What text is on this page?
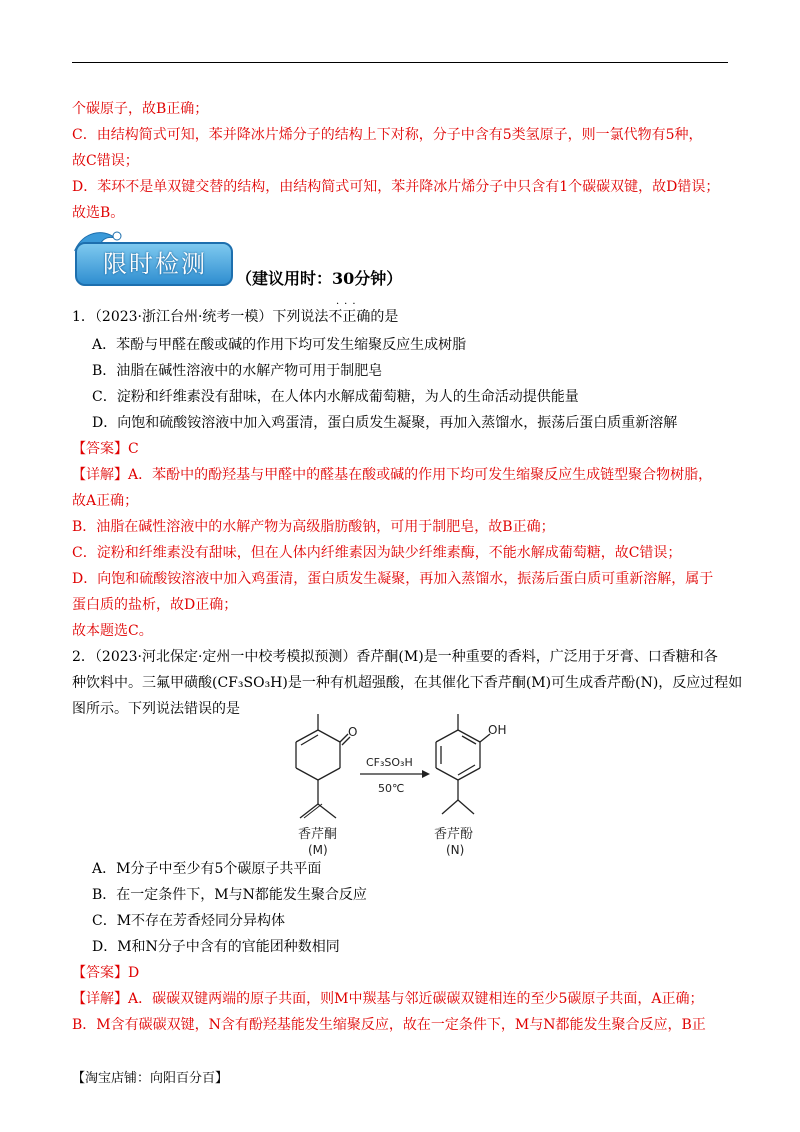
个碳原子，故B正确；
C．由结构简式可知，苯并降冰片烯分子的结构上下对称，分子中含有5类氢原子，则一氯代物有5种，
故C错误；
D．苯环不是单双键交替的结构，由结构简式可知，苯并降冰片烯分子中只含有1个碳碳双键，故D错误；
故选B。
限时检测
（建议用时：30分钟）
1．（2023·浙江台州·统考一模）下列说法不正确的是
···
A．苯酚与甲醛在酸或碱的作用下均可发生缩聚反应生成树脂
B．油脂在碱性溶液中的水解产物可用于制肥皂
C．淀粉和纤维素没有甜味，在人体内水解成葡萄糖，为人的生命活动提供能量
D．向饱和硫酸铵溶液中加入鸡蛋清，蛋白质发生凝聚，再加入蒸馏水，振荡后蛋白质重新溶解
【答案】C
【详解】A．苯酚中的酚羟基与甲醛中的醛基在酸或碱的作用下均可发生缩聚反应生成链型聚合物树脂，
故A正确；
B．油脂在碱性溶液中的水解产物为高级脂肪酸钠，可用于制肥皂，故B正确；
C．淀粉和纤维素没有甜味，但在人体内纤维素因为缺少纤维素酶，不能水解成葡萄糖，故C错误；
D．向饱和硫酸铵溶液中加入鸡蛋清，蛋白质发生凝聚，再加入蒸馏水，振荡后蛋白质可重新溶解，属于
蛋白质的盐析，故D正确；
故本题选C。
2．（2023·河北保定·定州一中校考模拟预测）香芹酮(M)是一种重要的香料，广泛用于牙膏、口香糖和各
种饮料中。三氟甲磺酸(CF₃SO₃H)是一种有机超强酸，在其催化下香芹酮(M)可生成香芹酚(N)，反应过程如
图所示。下列说法错误的是
O
CF₃SO₃H
50℃
OH
香芹酮
(M)
香芹酚
(N)
A．M分子中至少有5个碳原子共平面
B．在一定条件下，M与N都能发生聚合反应
C．M不存在芳香烃同分异构体
D．M和N分子中含有的官能团种数相同
【答案】D
【详解】A．碳碳双键两端的原子共面，则M中羰基与邻近碳碳双键相连的至少5碳原子共面，A正确；
B．M含有碳碳双键，N含有酚羟基能发生缩聚反应，故在一定条件下，M与N都能发生聚合反应，B正
【淘宝店铺：向阳百分百】
